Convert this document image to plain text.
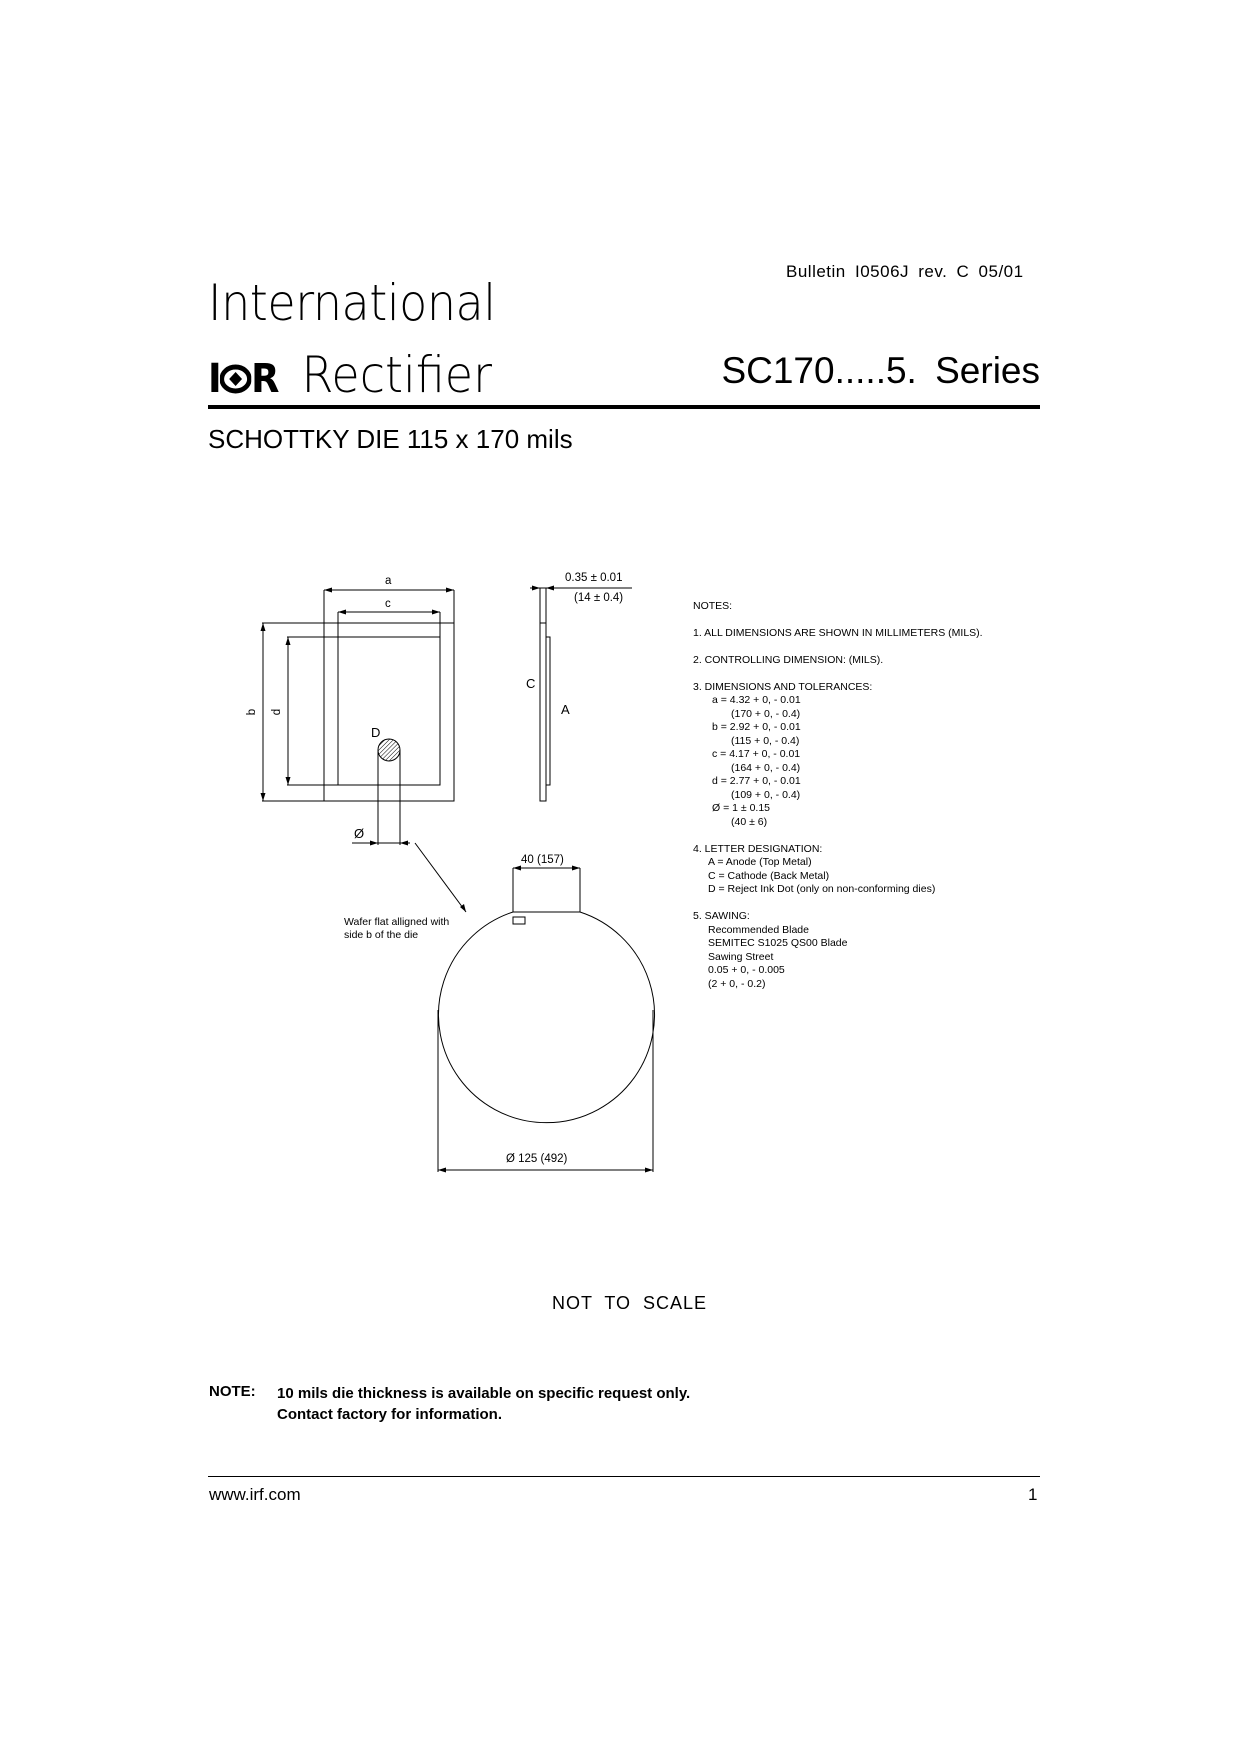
Bulletin I0506J rev. C 05/01
International
I R Rectifier	SC170.....5. Series
SCHOTTKY DIE 115 x 170 mils
a
c
b d
D
C
A
Ø
0.35 ± 0.01
(14 ± 0.4)
40 (157)
Ø 125 (492)
Wafer flat alligned with
side b of the die
NOTES:
1. ALL DIMENSIONS ARE SHOWN IN MILLIMETERS (MILS).
2. CONTROLLING DIMENSION: (MILS).
3. DIMENSIONS AND TOLERANCES:
a = 4.32 + 0, - 0.01
(170 + 0, - 0.4)
b = 2.92 + 0, - 0.01
(115 + 0, - 0.4)
c = 4.17 + 0, - 0.01
(164 + 0, - 0.4)
d = 2.77 + 0, - 0.01
(109 + 0, - 0.4)
Ø = 1 ± 0.15
(40 ± 6)
4. LETTER DESIGNATION:
A = Anode (Top Metal)
C = Cathode (Back Metal)
D = Reject Ink Dot (only on non-conforming dies)
5. SAWING:
Recommended Blade
SEMITEC S1025 QS00 Blade
Sawing Street
0.05 + 0, - 0.005
(2 + 0, - 0.2)
NOT TO SCALE
NOTE: 10 mils die thickness is available on specific request only.
Contact factory for information.
www.irf.com	1
